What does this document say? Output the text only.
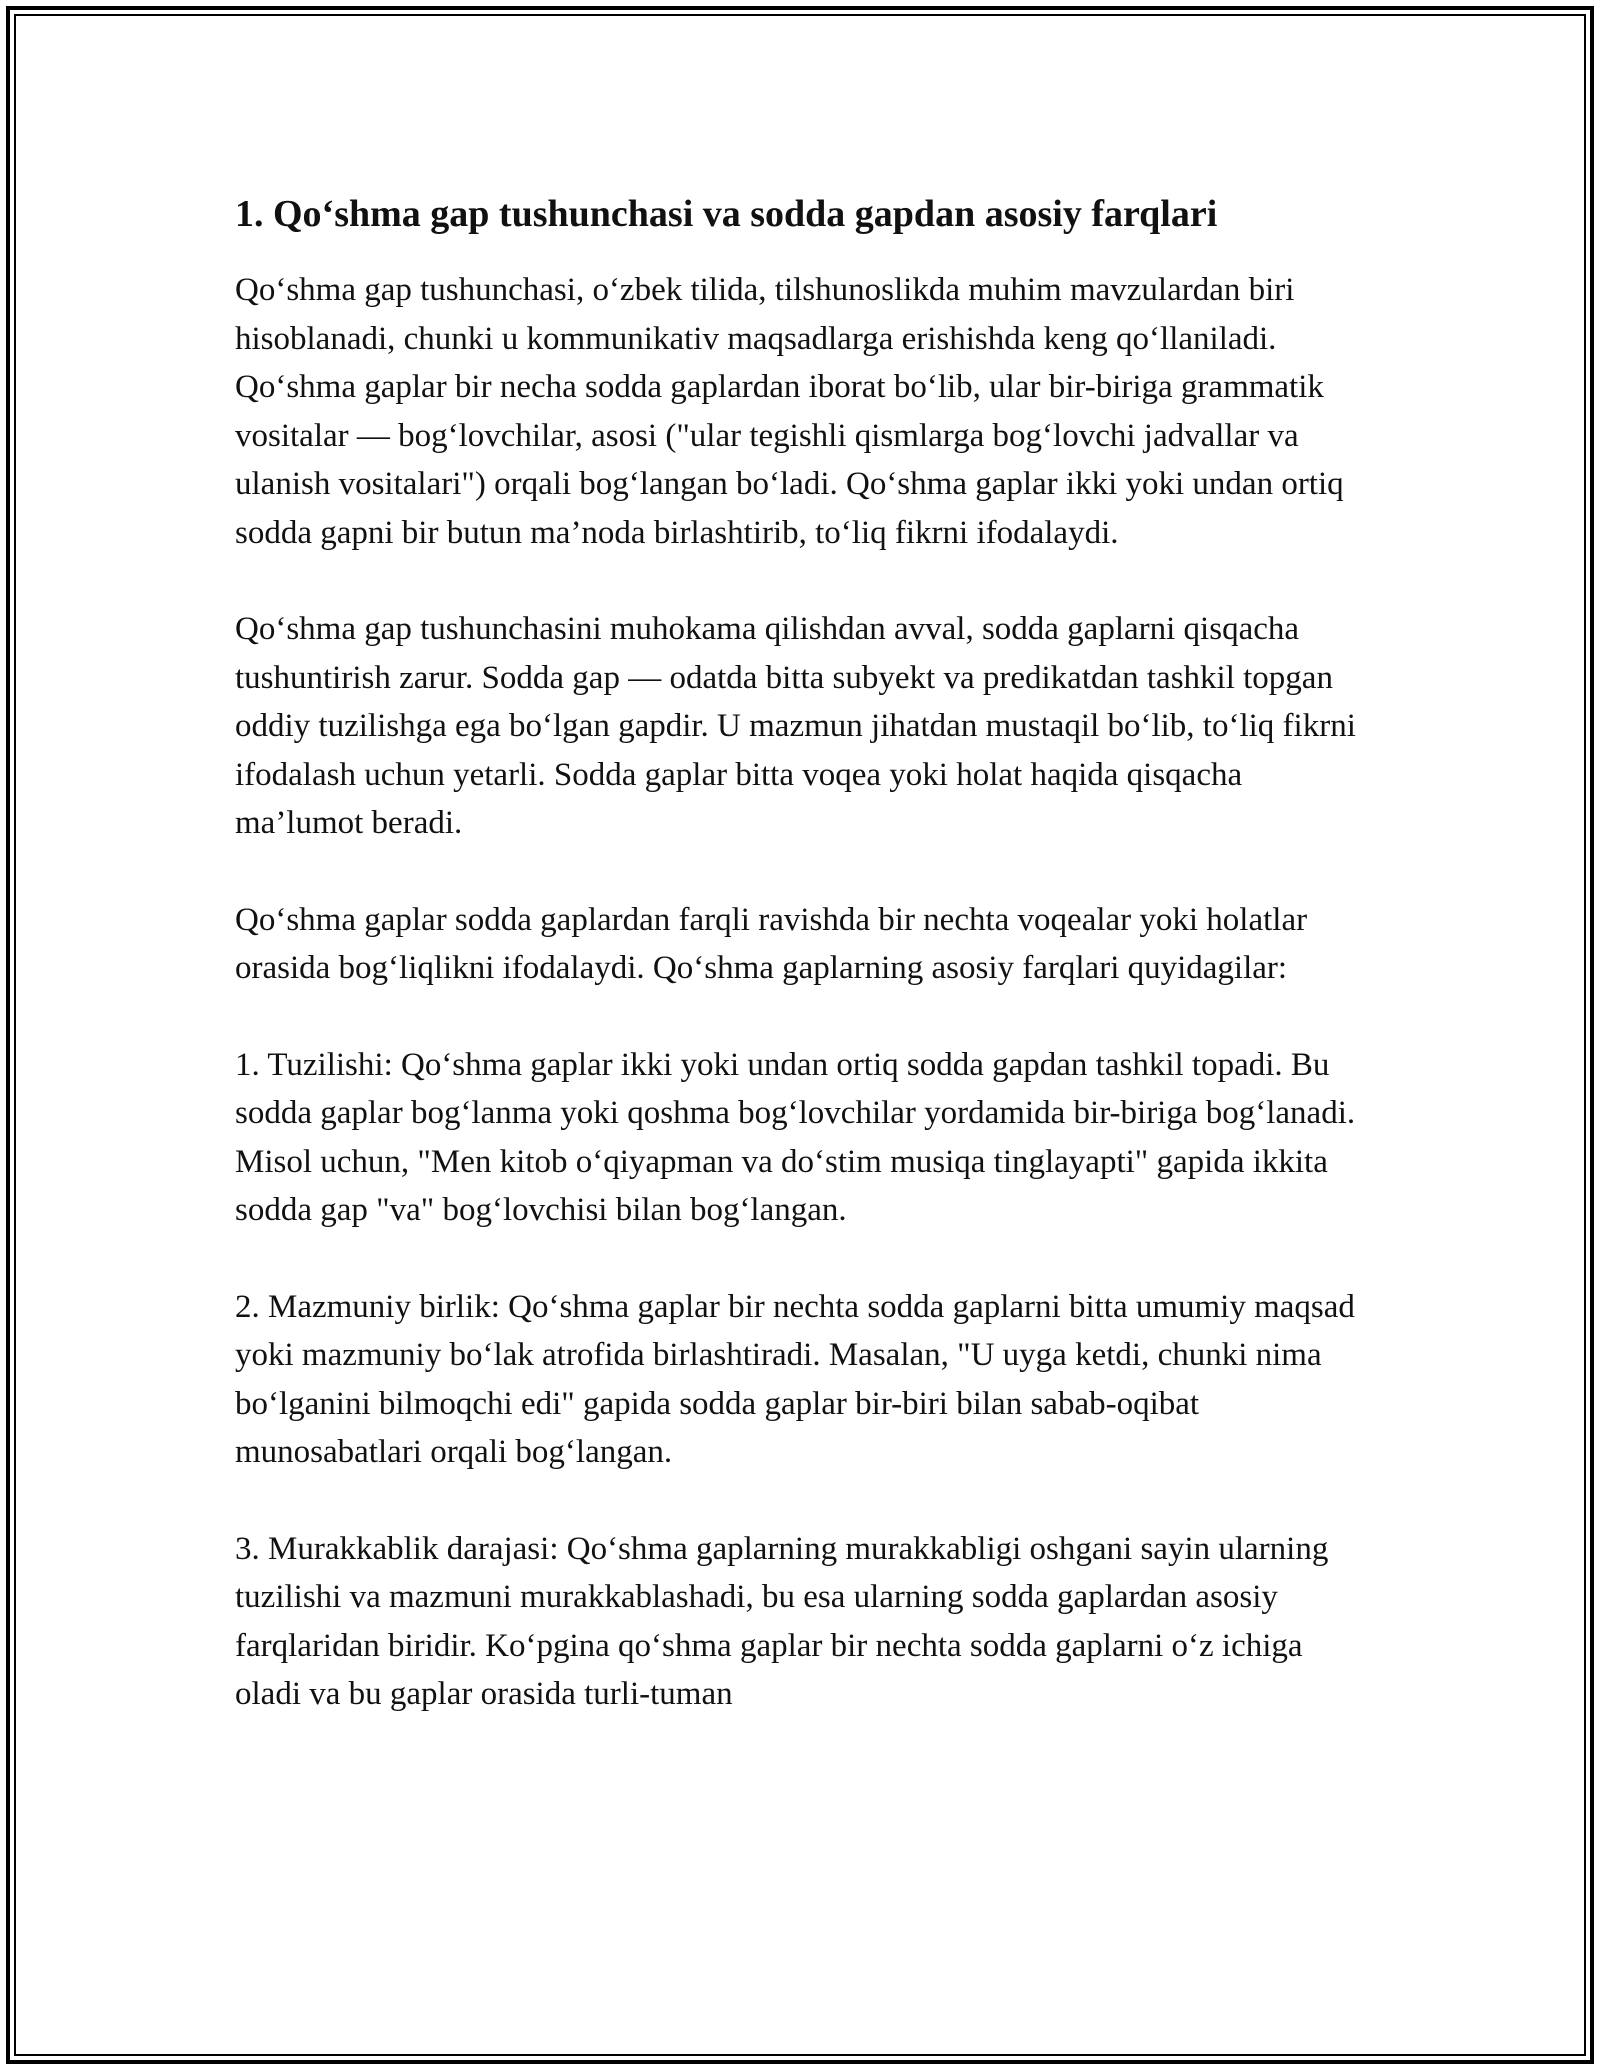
1. Qo‘shma gap tushunchasi va sodda gapdan asosiy farqlari

Qo‘shma gap tushunchasi, o‘zbek tilida, tilshunoslikda muhim mavzulardan biri hisoblanadi, chunki u kommunikativ maqsadlarga erishishda keng qo‘llaniladi. Qo‘shma gaplar bir necha sodda gaplardan iborat bo‘lib, ular bir-biriga grammatik vositalar — bog‘lovchilar, asosi ("ular tegishli qismlarga bog‘lovchi jadvallar va ulanish vositalari") orqali bog‘langan bo‘ladi. Qo‘shma gaplar ikki yoki undan ortiq sodda gapni bir butun ma’noda birlashtirib, to‘liq fikrni ifodalaydi.

Qo‘shma gap tushunchasini muhokama qilishdan avval, sodda gaplarni qisqacha tushuntirish zarur. Sodda gap — odatda bitta subyekt va predikatdan tashkil topgan oddiy tuzilishga ega bo‘lgan gapdir. U mazmun jihatdan mustaqil bo‘lib, to‘liq fikrni ifodalash uchun yetarli. Sodda gaplar bitta voqea yoki holat haqida qisqacha ma’lumot beradi.

Qo‘shma gaplar sodda gaplardan farqli ravishda bir nechta voqealar yoki holatlar orasida bog‘liqlikni ifodalaydi. Qo‘shma gaplarning asosiy farqlari quyidagilar:

1. Tuzilishi: Qo‘shma gaplar ikki yoki undan ortiq sodda gapdan tashkil topadi. Bu sodda gaplar bog‘lanma yoki qoshma bog‘lovchilar yordamida bir-biriga bog‘lanadi. Misol uchun, "Men kitob o‘qiyapman va do‘stim musiqa tinglayapti" gapida ikkita sodda gap "va" bog‘lovchisi bilan bog‘langan.

2. Mazmuniy birlik: Qo‘shma gaplar bir nechta sodda gaplarni bitta umumiy maqsad yoki mazmuniy bo‘lak atrofida birlashtiradi. Masalan, "U uyga ketdi, chunki nima bo‘lganini bilmoqchi edi" gapida sodda gaplar bir-biri bilan sabab-oqibat munosabatlari orqali bog‘langan.

3. Murakkablik darajasi: Qo‘shma gaplarning murakkabligi oshgani sayin ularning tuzilishi va mazmuni murakkablashadi, bu esa ularning sodda gaplardan asosiy farqlaridan biridir. Ko‘pgina qo‘shma gaplar bir nechta sodda gaplarni o‘z ichiga oladi va bu gaplar orasida turli-tuman
